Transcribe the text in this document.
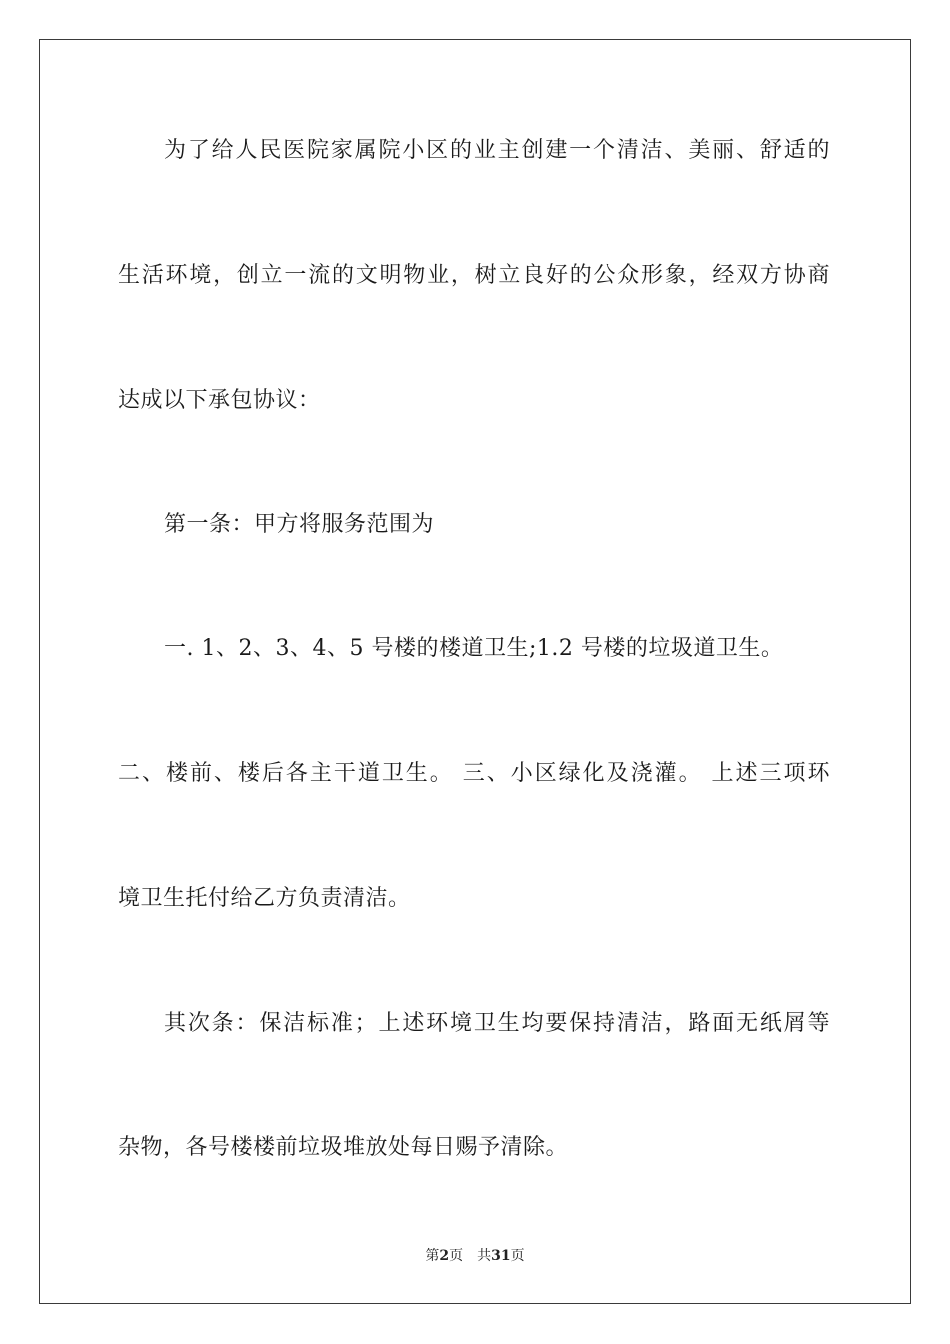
为了给人民医院家属院小区的业主创建一个清洁、美丽、舒适的
生活环境，创立一流的文明物业，树立良好的公众形象，经双方协商
达成以下承包协议：
第一条：甲方将服务范围为
一. 1、2、3、4、5 号楼的楼道卫生;1.2 号楼的垃圾道卫生。
二、楼前、楼后各主干道卫生。 三、小区绿化及浇灌。 上述三项环
境卫生托付给乙方负责清洁。
其次条：保洁标准；上述环境卫生均要保持清洁，路面无纸屑等
杂物，各号楼楼前垃圾堆放处每日赐予清除。
第2页 共31页
